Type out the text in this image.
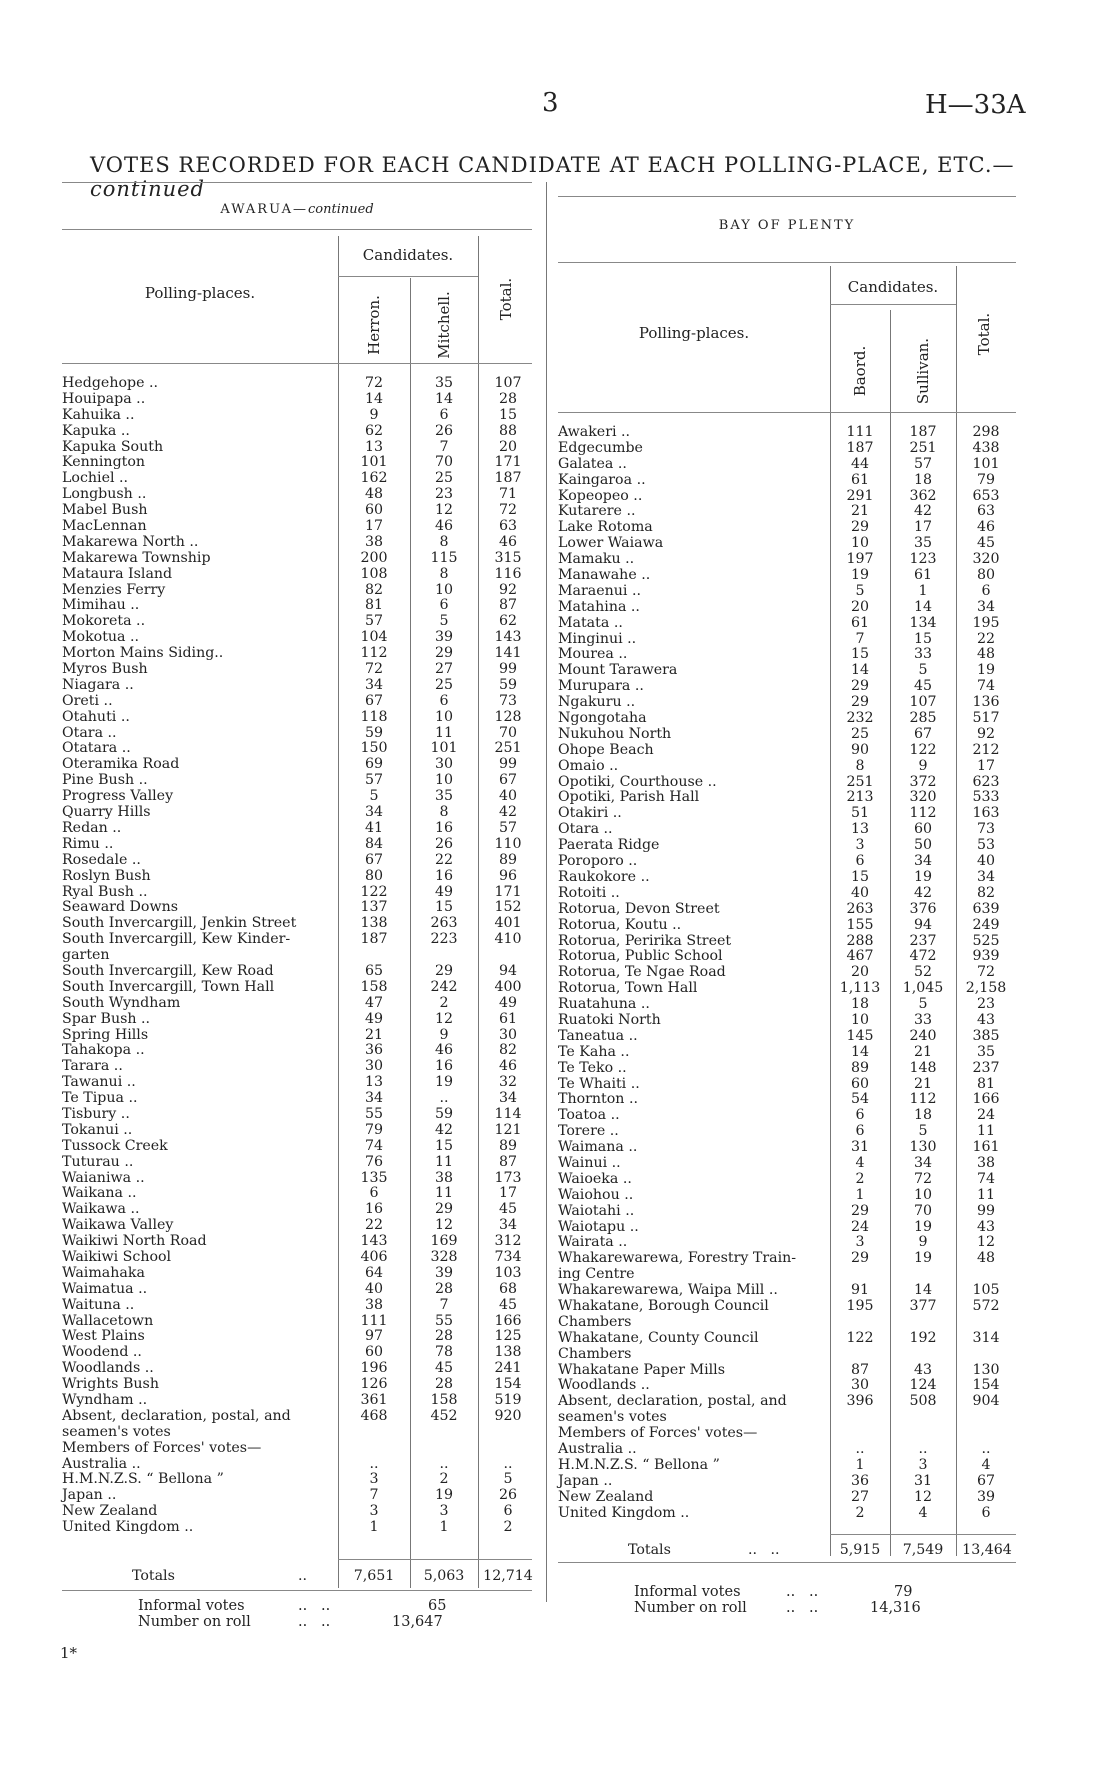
3	H—33A
VOTES RECORDED FOR EACH CANDIDATE AT EACH POLLING-PLACE, ETC.—continued
AWARUA—continued
Candidates.
Polling-places.
Herron.	Mitchell.	Total.
BAY OF PLENTY
Candidates.
Polling-places.
Baord.	Sullivan.
Total.
Hedgehope ..	72	35	107
Houipapa ..	14	14	28
Kahuika ..	9	6	15
Kapuka ..	62	26	88
Kapuka South	13	7	20
Kennington	101	70	171
Lochiel ..	162	25	187
Longbush ..	48	23	71
Mabel Bush	60	12	72
MacLennan	17	46	63
Makarewa North ..	38	8	46
Makarewa Township	200	115	315
Mataura Island	108	8	116
Menzies Ferry	82	10	92
Mimihau ..	81	6	87
Mokoreta ..	57	5	62
Mokotua ..	104	39	143
Morton Mains Siding..	112	29	141
Myros Bush	72	27	99
Niagara ..	34	25	59
Oreti ..	67	6	73
Otahuti ..	118	10	128
Otara ..	59	11	70
Otatara ..	150	101	251
Oteramika Road	69	30	99
Pine Bush ..	57	10	67
Progress Valley	5	35	40
Quarry Hills	34	8	42
Redan ..	41	16	57
Rimu ..	84	26	110
Rosedale ..	67	22	89
Roslyn Bush	80	16	96
Ryal Bush ..	122	49	171
Seaward Downs	137	15	152
South Invercargill, Jenkin Street	138	263	401
South Invercargill, Kew Kinder-	187	223	410
garten
South Invercargill, Kew Road	65	29	94
South Invercargill, Town Hall	158	242	400
South Wyndham	47	2	49
Spar Bush ..	49	12	61
Spring Hills	21	9	30
Tahakopa ..	36	46	82
Tarara ..	30	16	46
Tawanui ..	13	19	32
Te Tipua ..	34	..	34
Tisbury ..	55	59	114
Tokanui ..	79	42	121
Tussock Creek	74	15	89
Tuturau ..	76	11	87
Waianiwa ..	135	38	173
Waikana ..	6	11	17
Waikawa ..	16	29	45
Waikawa Valley	22	12	34
Waikiwi North Road	143	169	312
Waikiwi School	406	328	734
Waimahaka	64	39	103
Waimatua ..	40	28	68
Waituna ..	38	7	45
Wallacetown	111	55	166
West Plains	97	28	125
Woodend ..	60	78	138
Woodlands ..	196	45	241
Wrights Bush	126	28	154
Wyndham ..	361	158	519
Absent, declaration, postal, and	468	452	920
seamen's votes
Members of Forces' votes—
Australia ..	..	..	..
H.M.N.Z.S. “ Bellona ”	3	2	5
Japan ..	7	19	26
New Zealand	3	3	6
United Kingdom ..	1	1	2
Awakeri ..	111	187	298
Edgecumbe	187	251	438
Galatea ..	44	57	101
Kaingaroa ..	61	18	79
Kopeopeo ..	291	362	653
Kutarere ..	21	42	63
Lake Rotoma	29	17	46
Lower Waiawa	10	35	45
Mamaku ..	197	123	320
Manawahe ..	19	61	80
Maraenui ..	5	1	6
Matahina ..	20	14	34
Matata ..	61	134	195
Minginui ..	7	15	22
Mourea ..	15	33	48
Mount Tarawera	14	5	19
Murupara ..	29	45	74
Ngakuru ..	29	107	136
Ngongotaha	232	285	517
Nukuhou North	25	67	92
Ohope Beach	90	122	212
Omaio ..	8	9	17
Opotiki, Courthouse ..	251	372	623
Opotiki, Parish Hall	213	320	533
Otakiri ..	51	112	163
Otara ..	13	60	73
Paerata Ridge	3	50	53
Poroporo ..	6	34	40
Raukokore ..	15	19	34
Rotoiti ..	40	42	82
Rotorua, Devon Street	263	376	639
Rotorua, Koutu ..	155	94	249
Rotorua, Peririka Street	288	237	525
Rotorua, Public School	467	472	939
Rotorua, Te Ngae Road	20	52	72
Rotorua, Town Hall	1,113	1,045	2,158
Ruatahuna ..	18	5	23
Ruatoki North	10	33	43
Taneatua ..	145	240	385
Te Kaha ..	14	21	35
Te Teko ..	89	148	237
Te Whaiti ..	60	21	81
Thornton ..	54	112	166
Toatoa ..	6	18	24
Torere ..	6	5	11
Waimana ..	31	130	161
Wainui ..	4	34	38
Waioeka ..	2	72	74
Waiohou ..	1	10	11
Waiotahi ..	29	70	99
Waiotapu ..	24	19	43
Wairata ..	3	9	12
Whakarewarewa, Forestry Train-	29	19	48
ing Centre
Whakarewarewa, Waipa Mill ..	91	14	105
Whakatane, Borough Council	195	377	572
Chambers
Whakatane, County Council	122	192	314
Chambers
Whakatane Paper Mills	87	43	130
Woodlands ..	30	124	154
Absent, declaration, postal, and	396	508	904
seamen's votes
Members of Forces' votes—
Australia ..	..	..	..
H.M.N.Z.S. “ Bellona ”	1	3	4
Japan ..	36	31	67
New Zealand	27	12	39
United Kingdom ..	2	4	6
Totals	..	7,651	5,063	12,714
Informal votes	..   ..	65
Number on roll	..   ..	13,647
Totals	..   ..	5,915	7,549	13,464
Informal votes	..   ..	79
Number on roll	..   ..	14,316
1*
